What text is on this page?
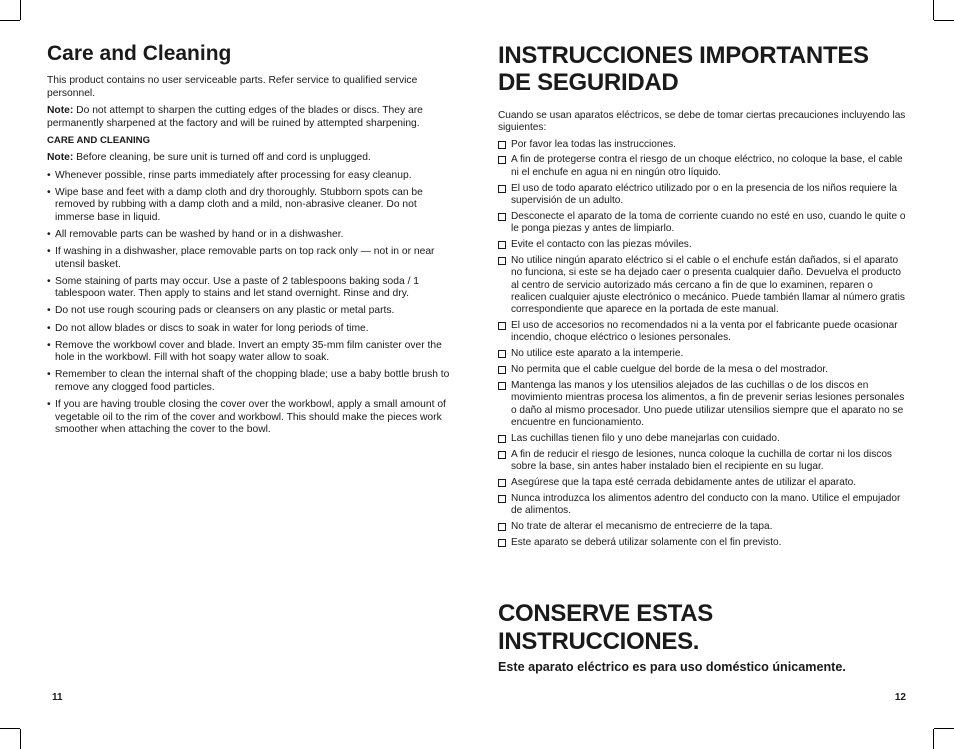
Care and Cleaning

This product contains no user serviceable parts. Refer service to qualified service personnel.

Note: Do not attempt to sharpen the cutting edges of the blades or discs. They are permanently sharpened at the factory and will be ruined by attempted sharpening.

CARE AND CLEANING

Note: Before cleaning, be sure unit is turned off and cord is unplugged.

• Whenever possible, rinse parts immediately after processing for easy cleanup.
• Wipe base and feet with a damp cloth and dry thoroughly. Stubborn spots can be removed by rubbing with a damp cloth and a mild, non-abrasive cleaner. Do not immerse base in liquid.
• All removable parts can be washed by hand or in a dishwasher.
• If washing in a dishwasher, place removable parts on top rack only — not in or near utensil basket.
• Some staining of parts may occur. Use a paste of 2 tablespoons baking soda / 1 tablespoon water. Then apply to stains and let stand overnight. Rinse and dry.
• Do not use rough scouring pads or cleansers on any plastic or metal parts.
• Do not allow blades or discs to soak in water for long periods of time.
• Remove the workbowl cover and blade. Invert an empty 35-mm film canister over the hole in the workbowl. Fill with hot soapy water allow to soak.
• Remember to clean the internal shaft of the chopping blade; use a baby bottle brush to remove any clogged food particles.
• If you are having trouble closing the cover over the workbowl, apply a small amount of vegetable oil to the rim of the cover and workbowl. This should make the pieces work smoother when attaching the cover to the bowl.
11
INSTRUCCIONES IMPORTANTES
DE SEGURIDAD

Cuando se usan aparatos eléctricos, se debe de tomar ciertas precauciones incluyendo las siguientes:

Por favor lea todas las instrucciones.
A fin de protegerse contra el riesgo de un choque eléctrico, no coloque la base, el cable ni el enchufe en agua ni en ningún otro líquido.
El uso de todo aparato eléctrico utilizado por o en la presencia de los niños requiere la supervisión de un adulto.
Desconecte el aparato de la toma de corriente cuando no esté en uso, cuando le quite o le ponga piezas y antes de limpiarlo.
Evite el contacto con las piezas móviles.
No utilice ningún aparato eléctrico si el cable o el enchufe están dañados, si el aparato no funciona, si este se ha dejado caer o presenta cualquier daño. Devuelva el producto al centro de servicio autorizado más cercano a fin de que lo examinen, reparen o realicen cualquier ajuste electrónico o mecánico. Puede también llamar al número gratis correspondiente que aparece en la portada de este manual.
El uso de accesorios no recomendados ni a la venta por el fabricante puede ocasionar incendio, choque eléctrico o lesiones personales.
No utilice este aparato a la intemperie.
No permita que el cable cuelgue del borde de la mesa o del mostrador.
Mantenga las manos y los utensilios alejados de las cuchillas o de los discos en movimiento mientras procesa los alimentos, a fin de prevenir serias lesiones personales o daño al mismo procesador. Uno puede utilizar utensilios siempre que el aparato no se encuentre en funcionamiento.
Las cuchillas tienen filo y uno debe manejarlas con cuidado.
A fin de reducir el riesgo de lesiones, nunca coloque la cuchilla de cortar ni los discos sobre la base, sin antes haber instalado bien el recipiente en su lugar.
Asegúrese que la tapa esté cerrada debidamente antes de utilizar el aparato.
Nunca introduzca los alimentos adentro del conducto con la mano. Utilice el empujador de alimentos.
No trate de alterar el mecanismo de entrecierre de la tapa.
Este aparato se deberá utilizar solamente con el fin previsto.
CONSERVE ESTAS
INSTRUCCIONES.

Este aparato eléctrico es para uso doméstico únicamente.

12
